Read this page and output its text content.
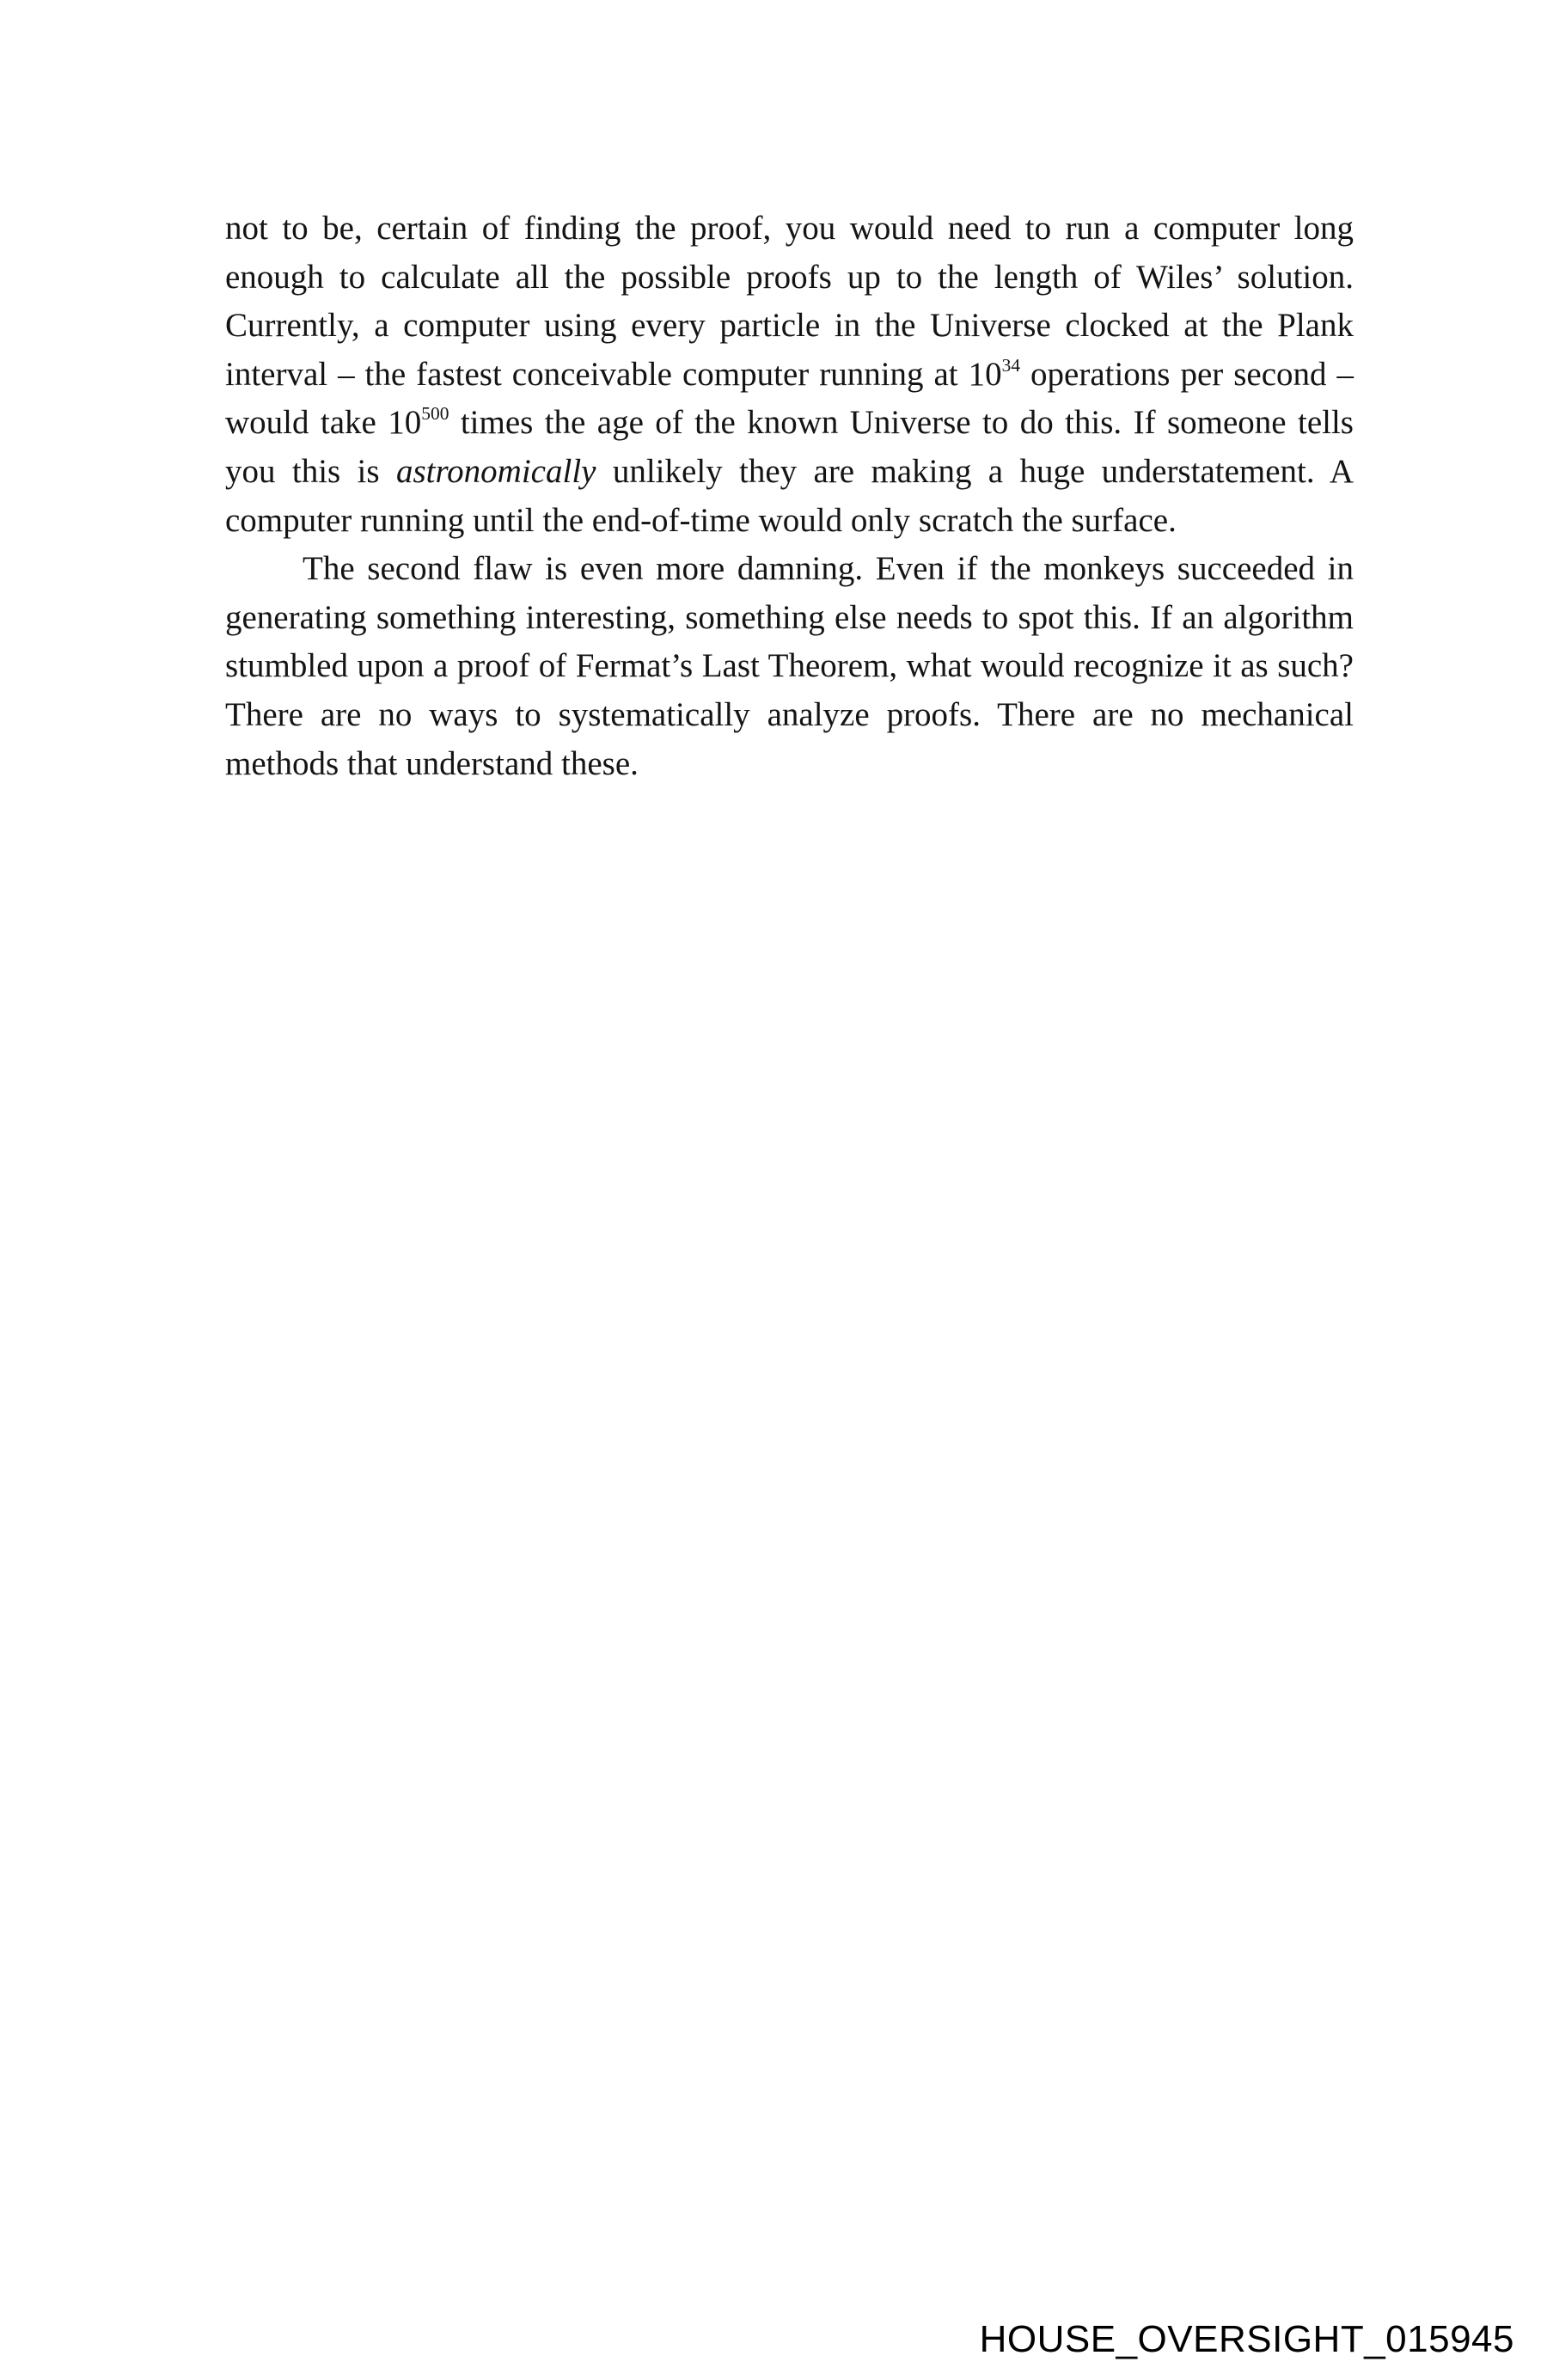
not to be, certain of finding the proof, you would need to run a computer long enough to calculate all the possible proofs up to the length of Wiles’ solution. Currently, a computer using every particle in the Universe clocked at the Plank interval – the fastest conceivable computer running at $10^{34}$ operations per second – would take $10^{500}$ times the age of the known Universe to do this. If someone tells you this is astronomically unlikely they are making a huge understatement. A computer running until the end-of-time would only scratch the surface.

The second flaw is even more damning. Even if the monkeys succeeded in generating something interesting, something else needs to spot this. If an algorithm stumbled upon a proof of Fermat’s Last Theorem, what would recognize it as such? There are no ways to systematically analyze proofs. There are no mechanical methods that understand these.

HOUSE_OVERSIGHT_015945
